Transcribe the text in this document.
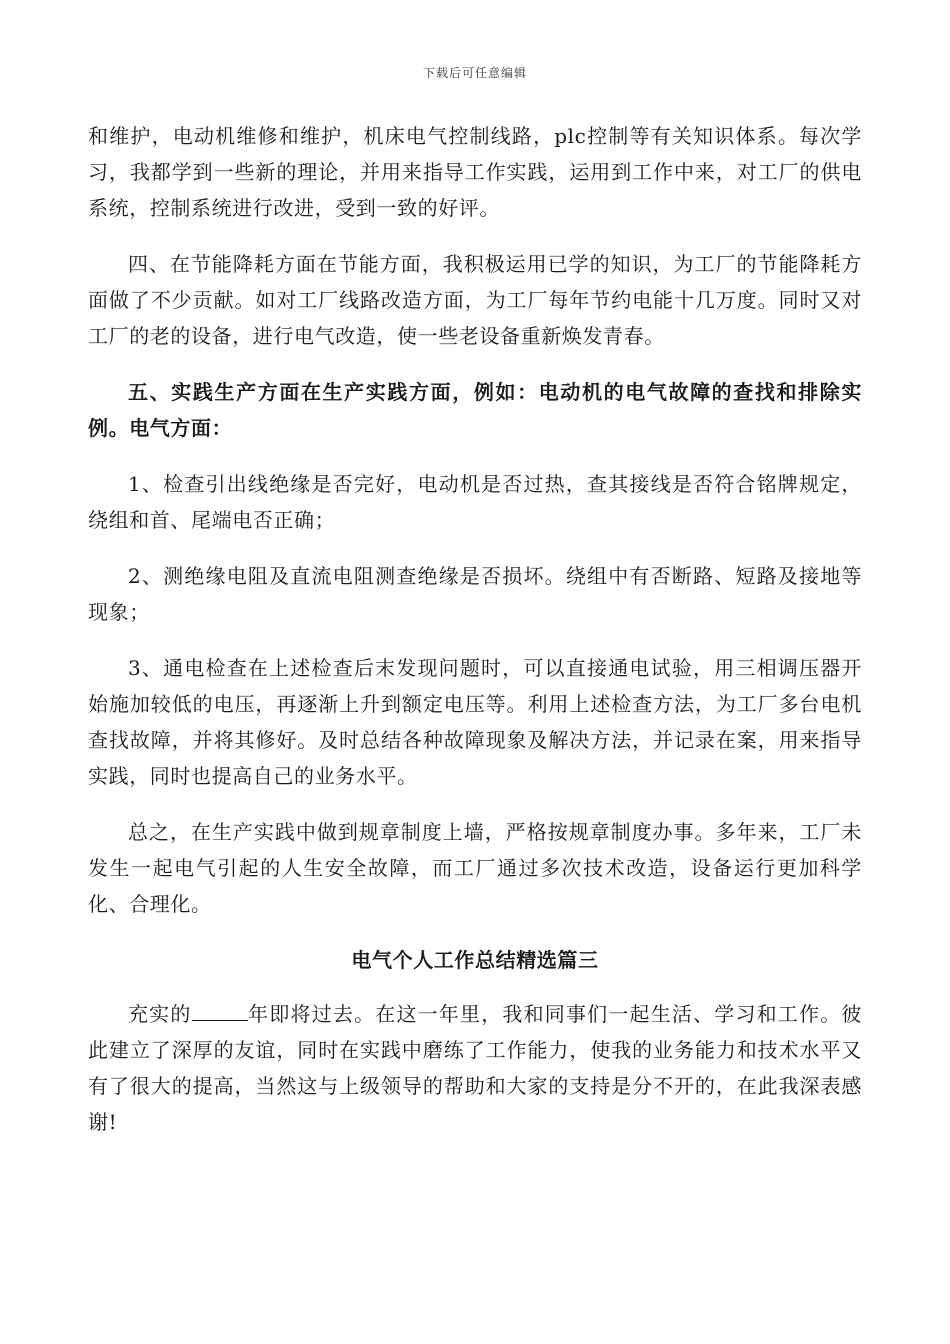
下载后可任意编辑

和维护，电动机维修和维护，机床电气控制线路，plc控制等有关知识体系。每次学习，我都学到一些新的理论，并用来指导工作实践，运用到工作中来，对工厂的供电系统，控制系统进行改进，受到一致的好评。

四、在节能降耗方面在节能方面，我积极运用已学的知识，为工厂的节能降耗方面做了不少贡献。如对工厂线路改造方面，为工厂每年节约电能十几万度。同时又对工厂的老的设备，进行电气改造，使一些老设备重新焕发青春。

五、实践生产方面在生产实践方面，例如：电动机的电气故障的查找和排除实例。电气方面：

1、检查引出线绝缘是否完好，电动机是否过热，查其接线是否符合铭牌规定，绕组和首、尾端电否正确；

2、测绝缘电阻及直流电阻测查绝缘是否损坏。绕组中有否断路、短路及接地等现象；

3、通电检查在上述检查后末发现问题时，可以直接通电试验，用三相调压器开始施加较低的电压，再逐渐上升到额定电压等。利用上述检查方法，为工厂多台电机查找故障，并将其修好。及时总结各种故障现象及解决方法，并记录在案，用来指导实践，同时也提高自己的业务水平。

总之，在生产实践中做到规章制度上墙，严格按规章制度办事。多年来，工厂未发生一起电气引起的人生安全故障，而工厂通过多次技术改造，设备运行更加科学化、合理化。

电气个人工作总结精选篇三

充实的	年即将过去。在这一年里，我和同事们一起生活、学习和工作。彼此建立了深厚的友谊，同时在实践中磨练了工作能力，使我的业务能力和技术水平又有了很大的提高，当然这与上级领导的帮助和大家的支持是分不开的，在此我深表感谢!
